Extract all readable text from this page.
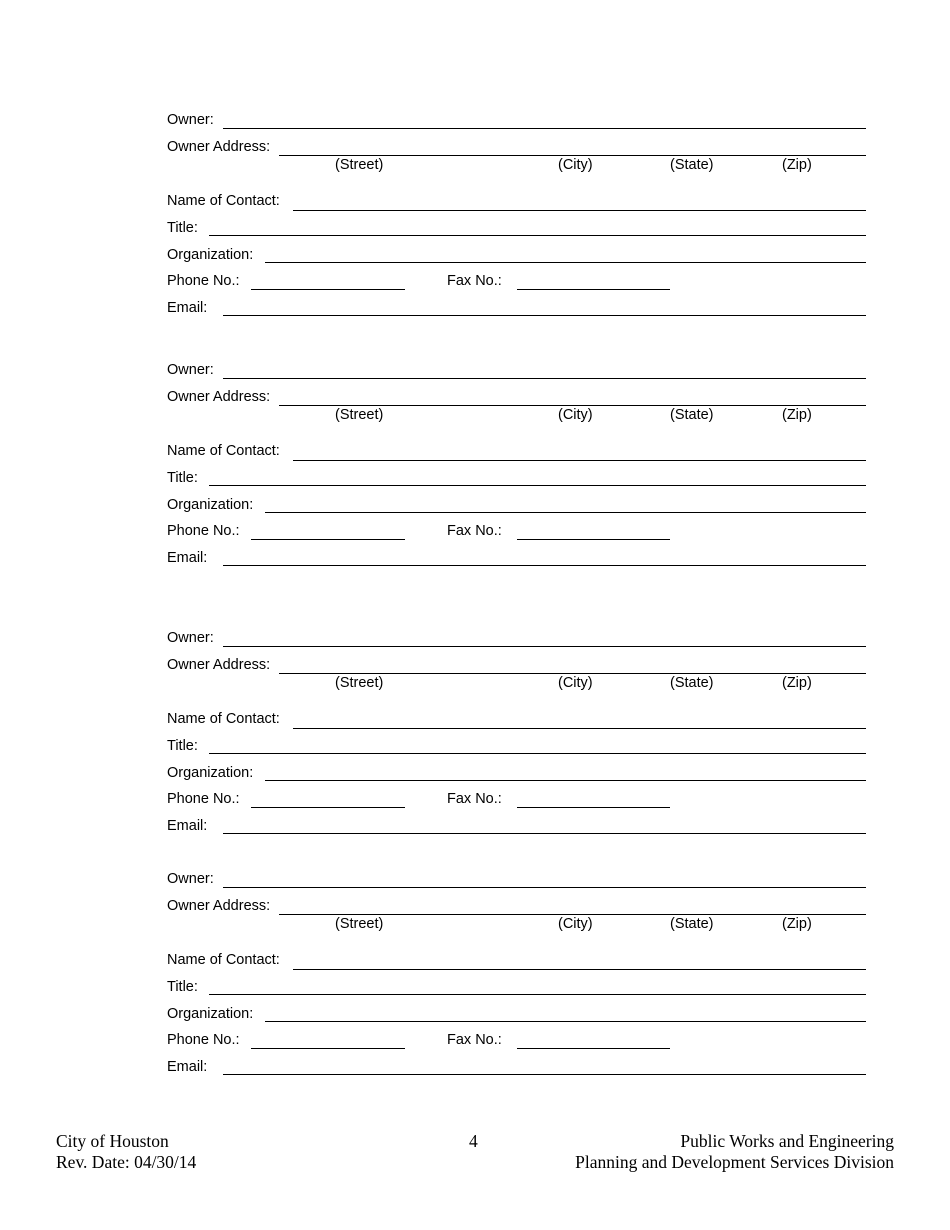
Owner:
Owner Address:
(Street)	(City)	(State)	(Zip)
Name of Contact:
Title:
Organization:
Phone No.:	Fax No.:
Email:
Owner:
Owner Address:
(Street)	(City)	(State)	(Zip)
Name of Contact:
Title:
Organization:
Phone No.:	Fax No.:
Email:
Owner:
Owner Address:
(Street)	(City)	(State)	(Zip)
Name of Contact:
Title:
Organization:
Phone No.:	Fax No.:
Email:
Owner:
Owner Address:
(Street)	(City)	(State)	(Zip)
Name of Contact:
Title:
Organization:
Phone No.:	Fax No.:
Email:
City of Houston
Rev. Date: 04/30/14
4	Public Works and Engineering
Planning and Development Services Division
